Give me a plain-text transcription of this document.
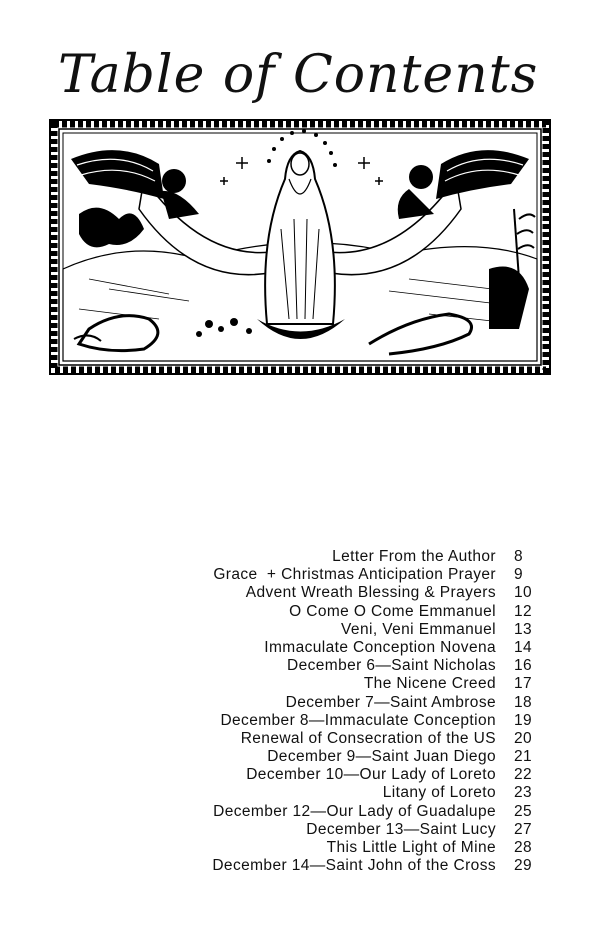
Table of Contents
Letter From the Author	8
Grace  + Christmas Anticipation Prayer	9
Advent Wreath Blessing & Prayers	10
O Come O Come Emmanuel	12
Veni, Veni Emmanuel	13
Immaculate Conception Novena	14
December 6—Saint Nicholas	16
The Nicene Creed	17
December 7—Saint Ambrose	18
December 8—Immaculate Conception	19
Renewal of Consecration of the US	20
December 9—Saint Juan Diego	21
December 10—Our Lady of Loreto	22
Litany of Loreto	23
December 12—Our Lady of Guadalupe	25
December 13—Saint Lucy	27
This Little Light of Mine	28
December 14—Saint John of the Cross	29
